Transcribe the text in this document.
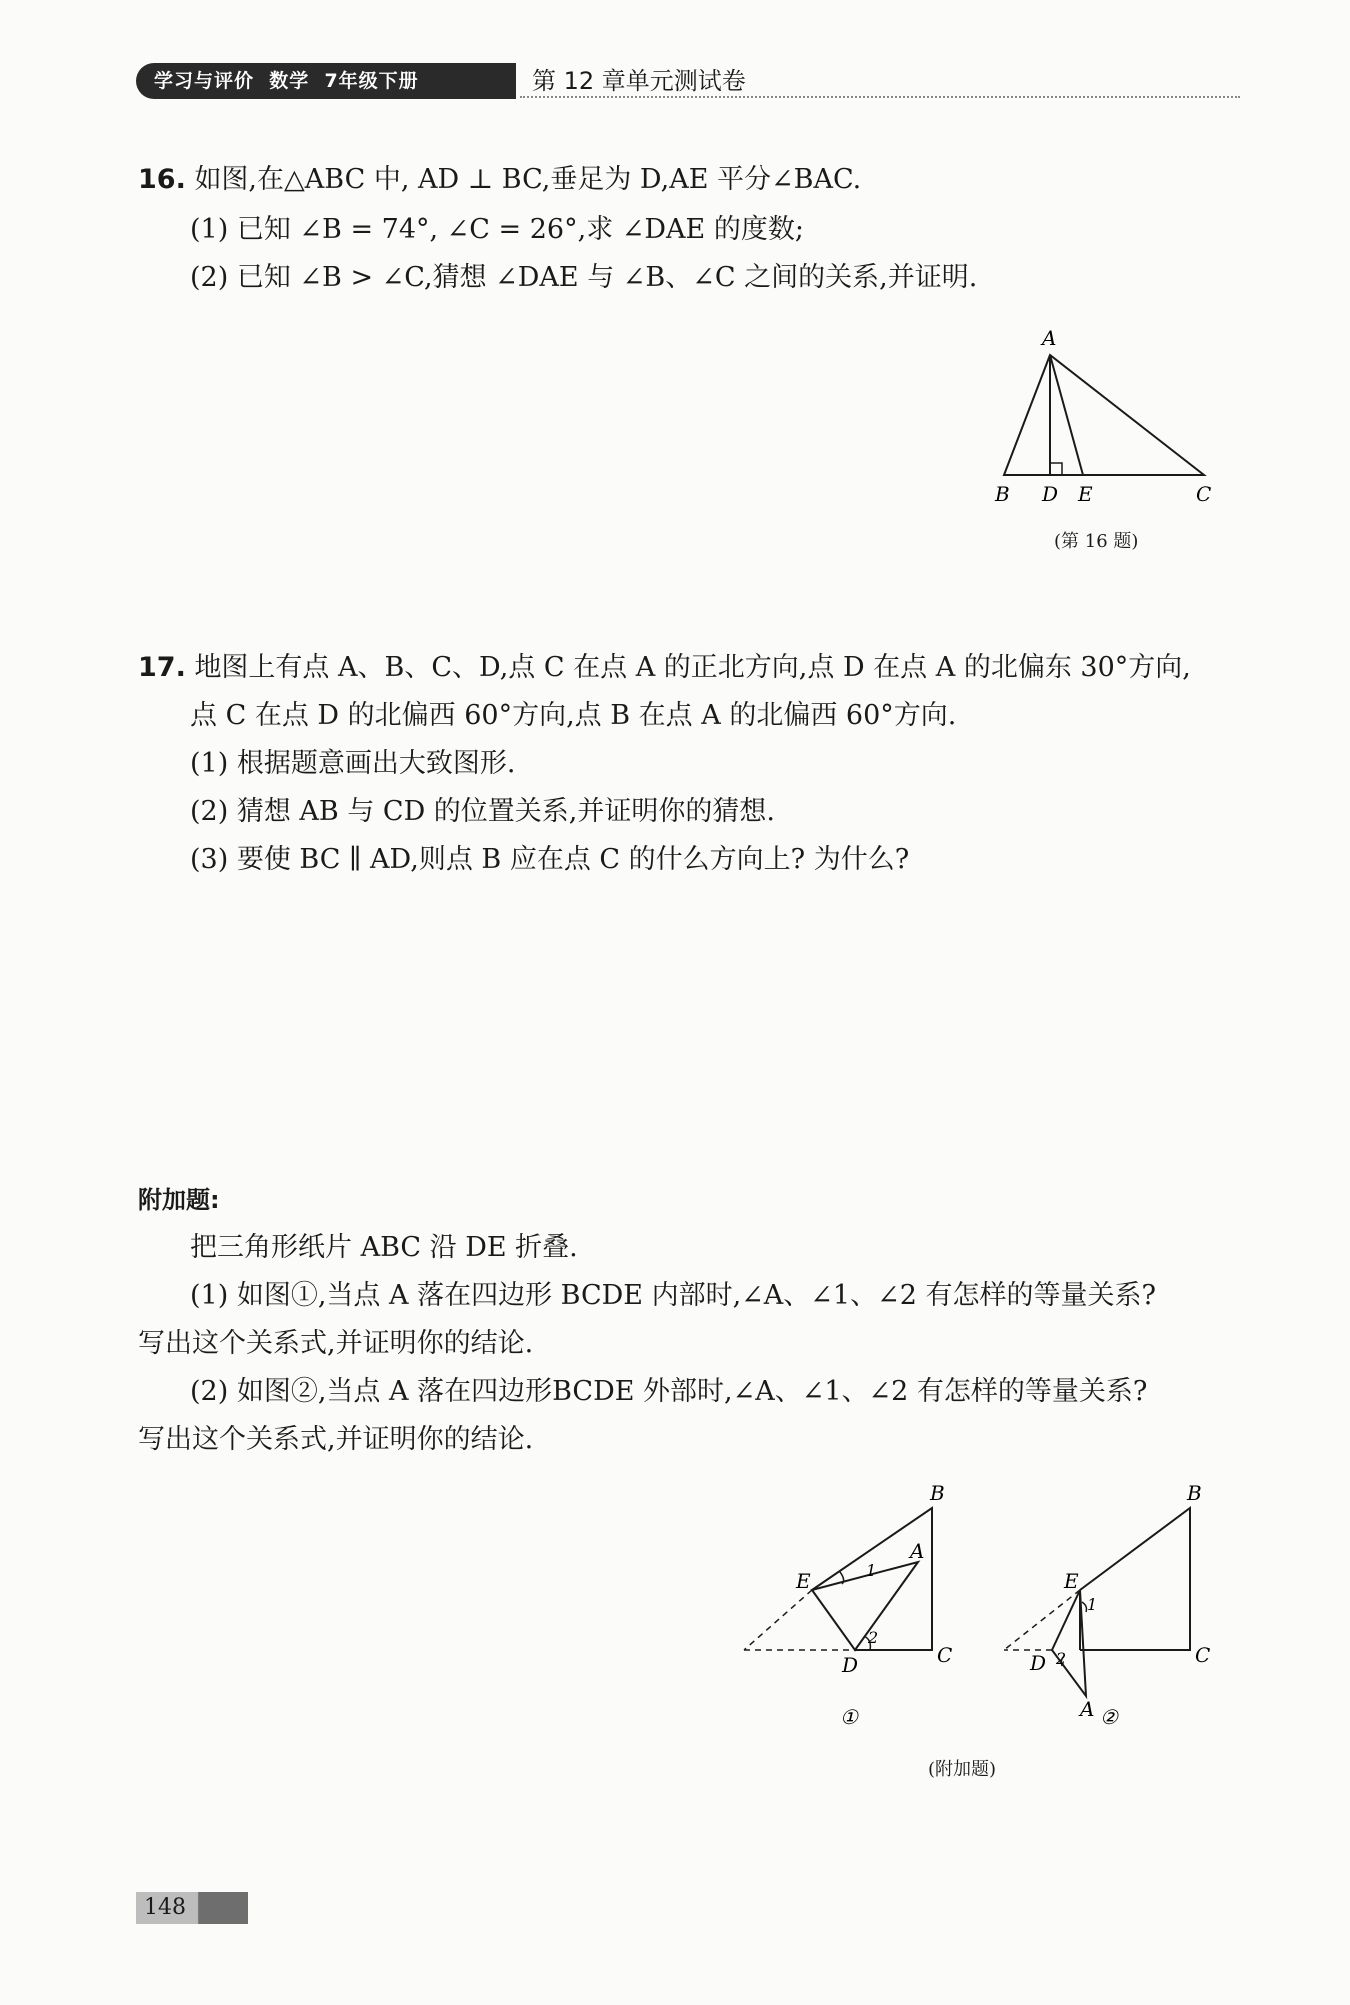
学习与评价  数学  7年级下册	第 12 章单元测试卷
16. 如图,在△ABC 中, AD ⊥ BC,垂足为 D,AE 平分∠BAC.
(1) 已知 ∠B = 74°, ∠C = 26°,求 ∠DAE 的度数;
(2) 已知 ∠B > ∠C,猜想 ∠DAE 与 ∠B、∠C 之间的关系,并证明.
A
B D E	C
(第 16 题)
17. 地图上有点 A、B、C、D,点 C 在点 A 的正北方向,点 D 在点 A 的北偏东 30°方向,
点 C 在点 D 的北偏西 60°方向,点 B 在点 A 的北偏西 60°方向.
(1) 根据题意画出大致图形.
(2) 猜想 AB 与 CD 的位置关系,并证明你的猜想.
(3) 要使 BC ∥ AD,则点 B 应在点 C 的什么方向上? 为什么?
附加题:
把三角形纸片 ABC 沿 DE 折叠.
(1) 如图①,当点 A 落在四边形 BCDE 内部时,∠A、∠1、∠2 有怎样的等量关系?
写出这个关系式,并证明你的结论.
(2) 如图②,当点 A 落在四边形BCDE 外部时,∠A、∠1、∠2 有怎样的等量关系?
写出这个关系式,并证明你的结论.
B
A
E
D	C
1
2
①
B
E
D	C
A
1
2
②
(附加题)
148
